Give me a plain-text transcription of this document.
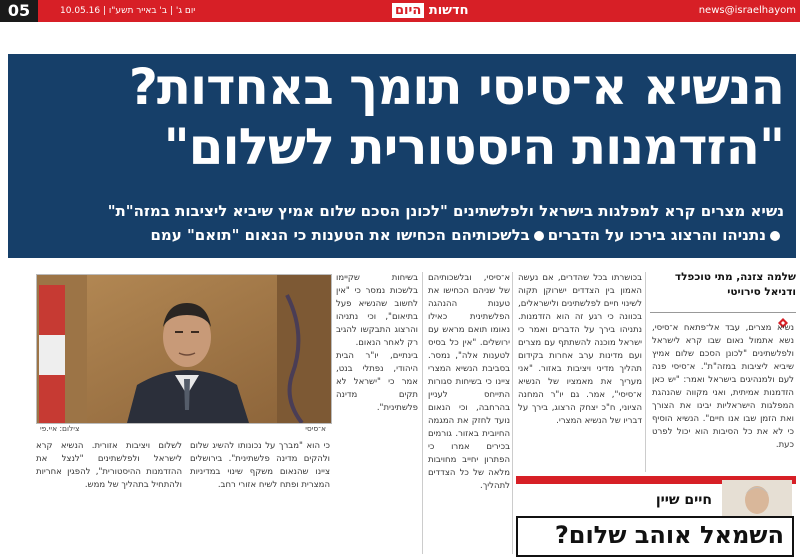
05	10.05.16 | יום ג' | ב' באייר תשע"ו	חדשות היום	news@israelhayom
הנשיא א־סיסי תומך באחדות?
"הזדמנות היסטורית לשלום"
נשיא מצרים קרא למפלגות בישראל ולפלשתינים "לכונן הסכם שלום אמיץ שיביא ליציבות במזה"ת"
נתניהו והרצוג בירכו על הדבריםבלשכותיהם הכחישו את הטענות כי הנאום "תואם" עמם
שלמה צזנה, מתי טוכפלד
ודניאל סירויטי

נשיא מצרים, עבד אל־פתאח א־סיסי, נשא אתמול נאום שבו קרא לישראל ולפלשתינים "לכונן הסכם שלום אמיץ שיביא ליציבות במזה"ת". א־סיסי פנה לעם ולמנהיגים בישראל ואמר: "יש כאן הזדמנות אמיתית, ואני מקווה שהנהגת המפלגות הישראליות יבינו את הצורך ואת הזמן שבו אנו חיים". הנשיא הוסיף כי לא את כל הסיבות הוא יכול לפרט כעת.

בכושרתו בכל שהדרים, אם נעשה האמון בין הצדדים ישרוקן תקוה לשינוי חיים לפלשתינים ולישראלים, בכוונה כי רגע זה הוא הזדמנות. נתניהו בירך על הדברים ואמר כי ישראל מוכנה להשתתף עם מצרים ועם מדינות ערב אחרות בקידום תהליך מדיני ויציבות באזור. "אני מעריך את מאמציו של הנשיא א־סיסי", אמר. גם יו"ר המחנה הציוני, ח"כ יצחק הרצוג, בירך על דבריו של הנשיא המצרי.

א־סיסי, ובלשכותיהם של שניהם הכחישו את טענות ההנהגה הפלשתינית כאילו נאומו תואם מראש עם ירושלים. "אין כל בסיס לטענות אלה", נמסר. בסביבת הנשיא המצרי ציינו כי בשיחות סגורות התייחס לעניין בהרחבה, וכי הנאום נועד לחזק את המגמה החיובית באזור. גורמים בכירים אמרו כי הפתרון יחייב מחויבות מלאה של כל הצדדים לתהליך.

בשיחות שקיימו בלשכות נמסר כי "אין לחשוב שהנשיא פעל בתיאום", וכי נתניהו והרצוג התבקשו להגיב רק לאחר הנאום.

בינתיים, יו"ר הבית היהודי, נפתלי בנט, אמר כי "ישראל לא תקים מדינה פלשתינית".

כי הוא "מברך על נכונותו להשיג שלום ולהקים מדינה פלשתינית". בירושלים ציינו שהנאום משקף שינוי במדיניות המצרית ופתח לשיח אזורי רחב.

לשלום ויציבות אזורית. הנשיא קרא לישראל ולפלשתינים "לנצל את ההזדמנות ההיסטורית", להפגין אחריות ולהתחיל בתהליך של ממש.

צילום: איי.פי	א־סיסי
חיים שיין
השמאל אוהב שלום?
